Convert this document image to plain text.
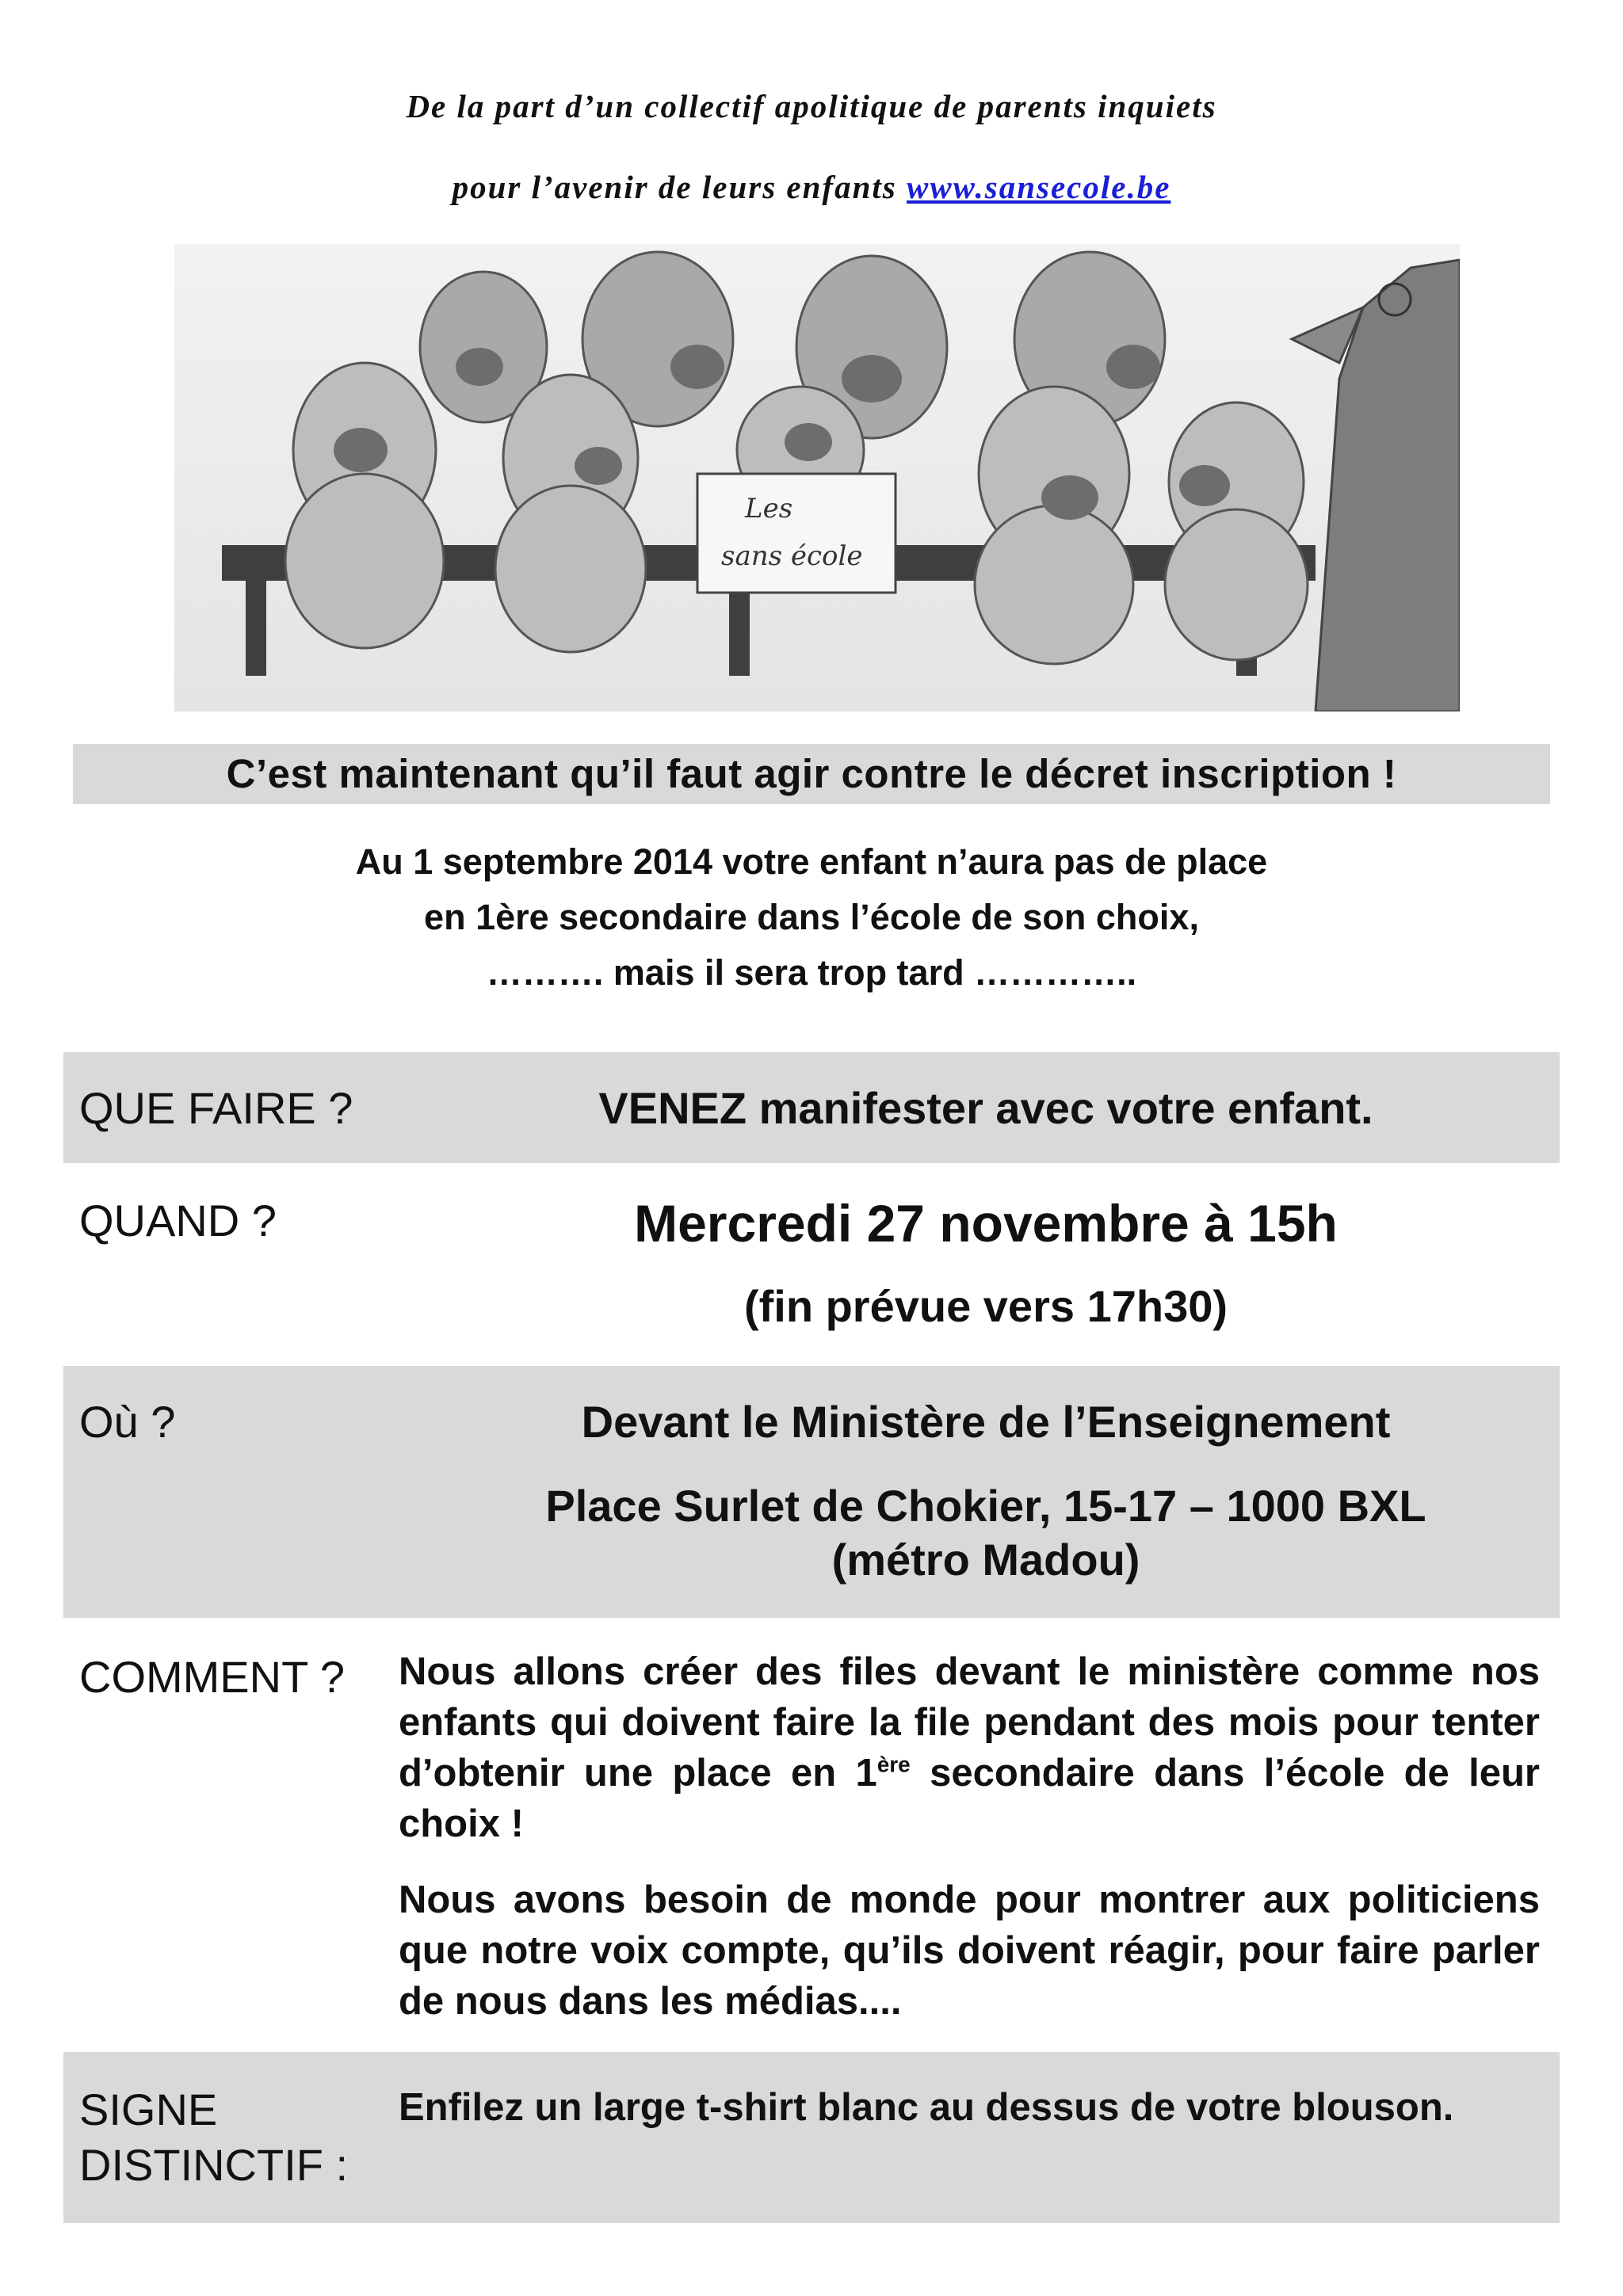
De la part d’un collectif apolitique de parents inquiets
pour l’avenir de leurs enfants www.sansecole.be
Les
sans école
C’est maintenant qu’il faut agir contre le décret inscription !
Au 1 septembre 2014 votre enfant n’aura pas de place
en 1ère secondaire dans l’école de son choix,
………. mais il sera trop tard …………..
QUE FAIRE ?	VENEZ manifester avec votre enfant.
QUAND ?	Mercredi 27 novembre à 15h
(fin prévue vers 17h30)
Où ?	Devant le Ministère de l’Enseignement
Place Surlet de Chokier, 15-17 – 1000 BXL
(métro Madou)
COMMENT ? Nous allons créer des files devant le ministère comme nos enfants qui doivent faire la file pendant des mois pour tenter d’obtenir une place en 1ère secondaire dans l’école de leur choix !
Nous avons besoin de monde pour montrer aux politiciens que notre voix compte, qu’ils doivent réagir, pour faire parler de nous dans les médias....
SIGNE
DISTINCTIF :
Enfilez un large t-shirt blanc au dessus de votre blouson.
